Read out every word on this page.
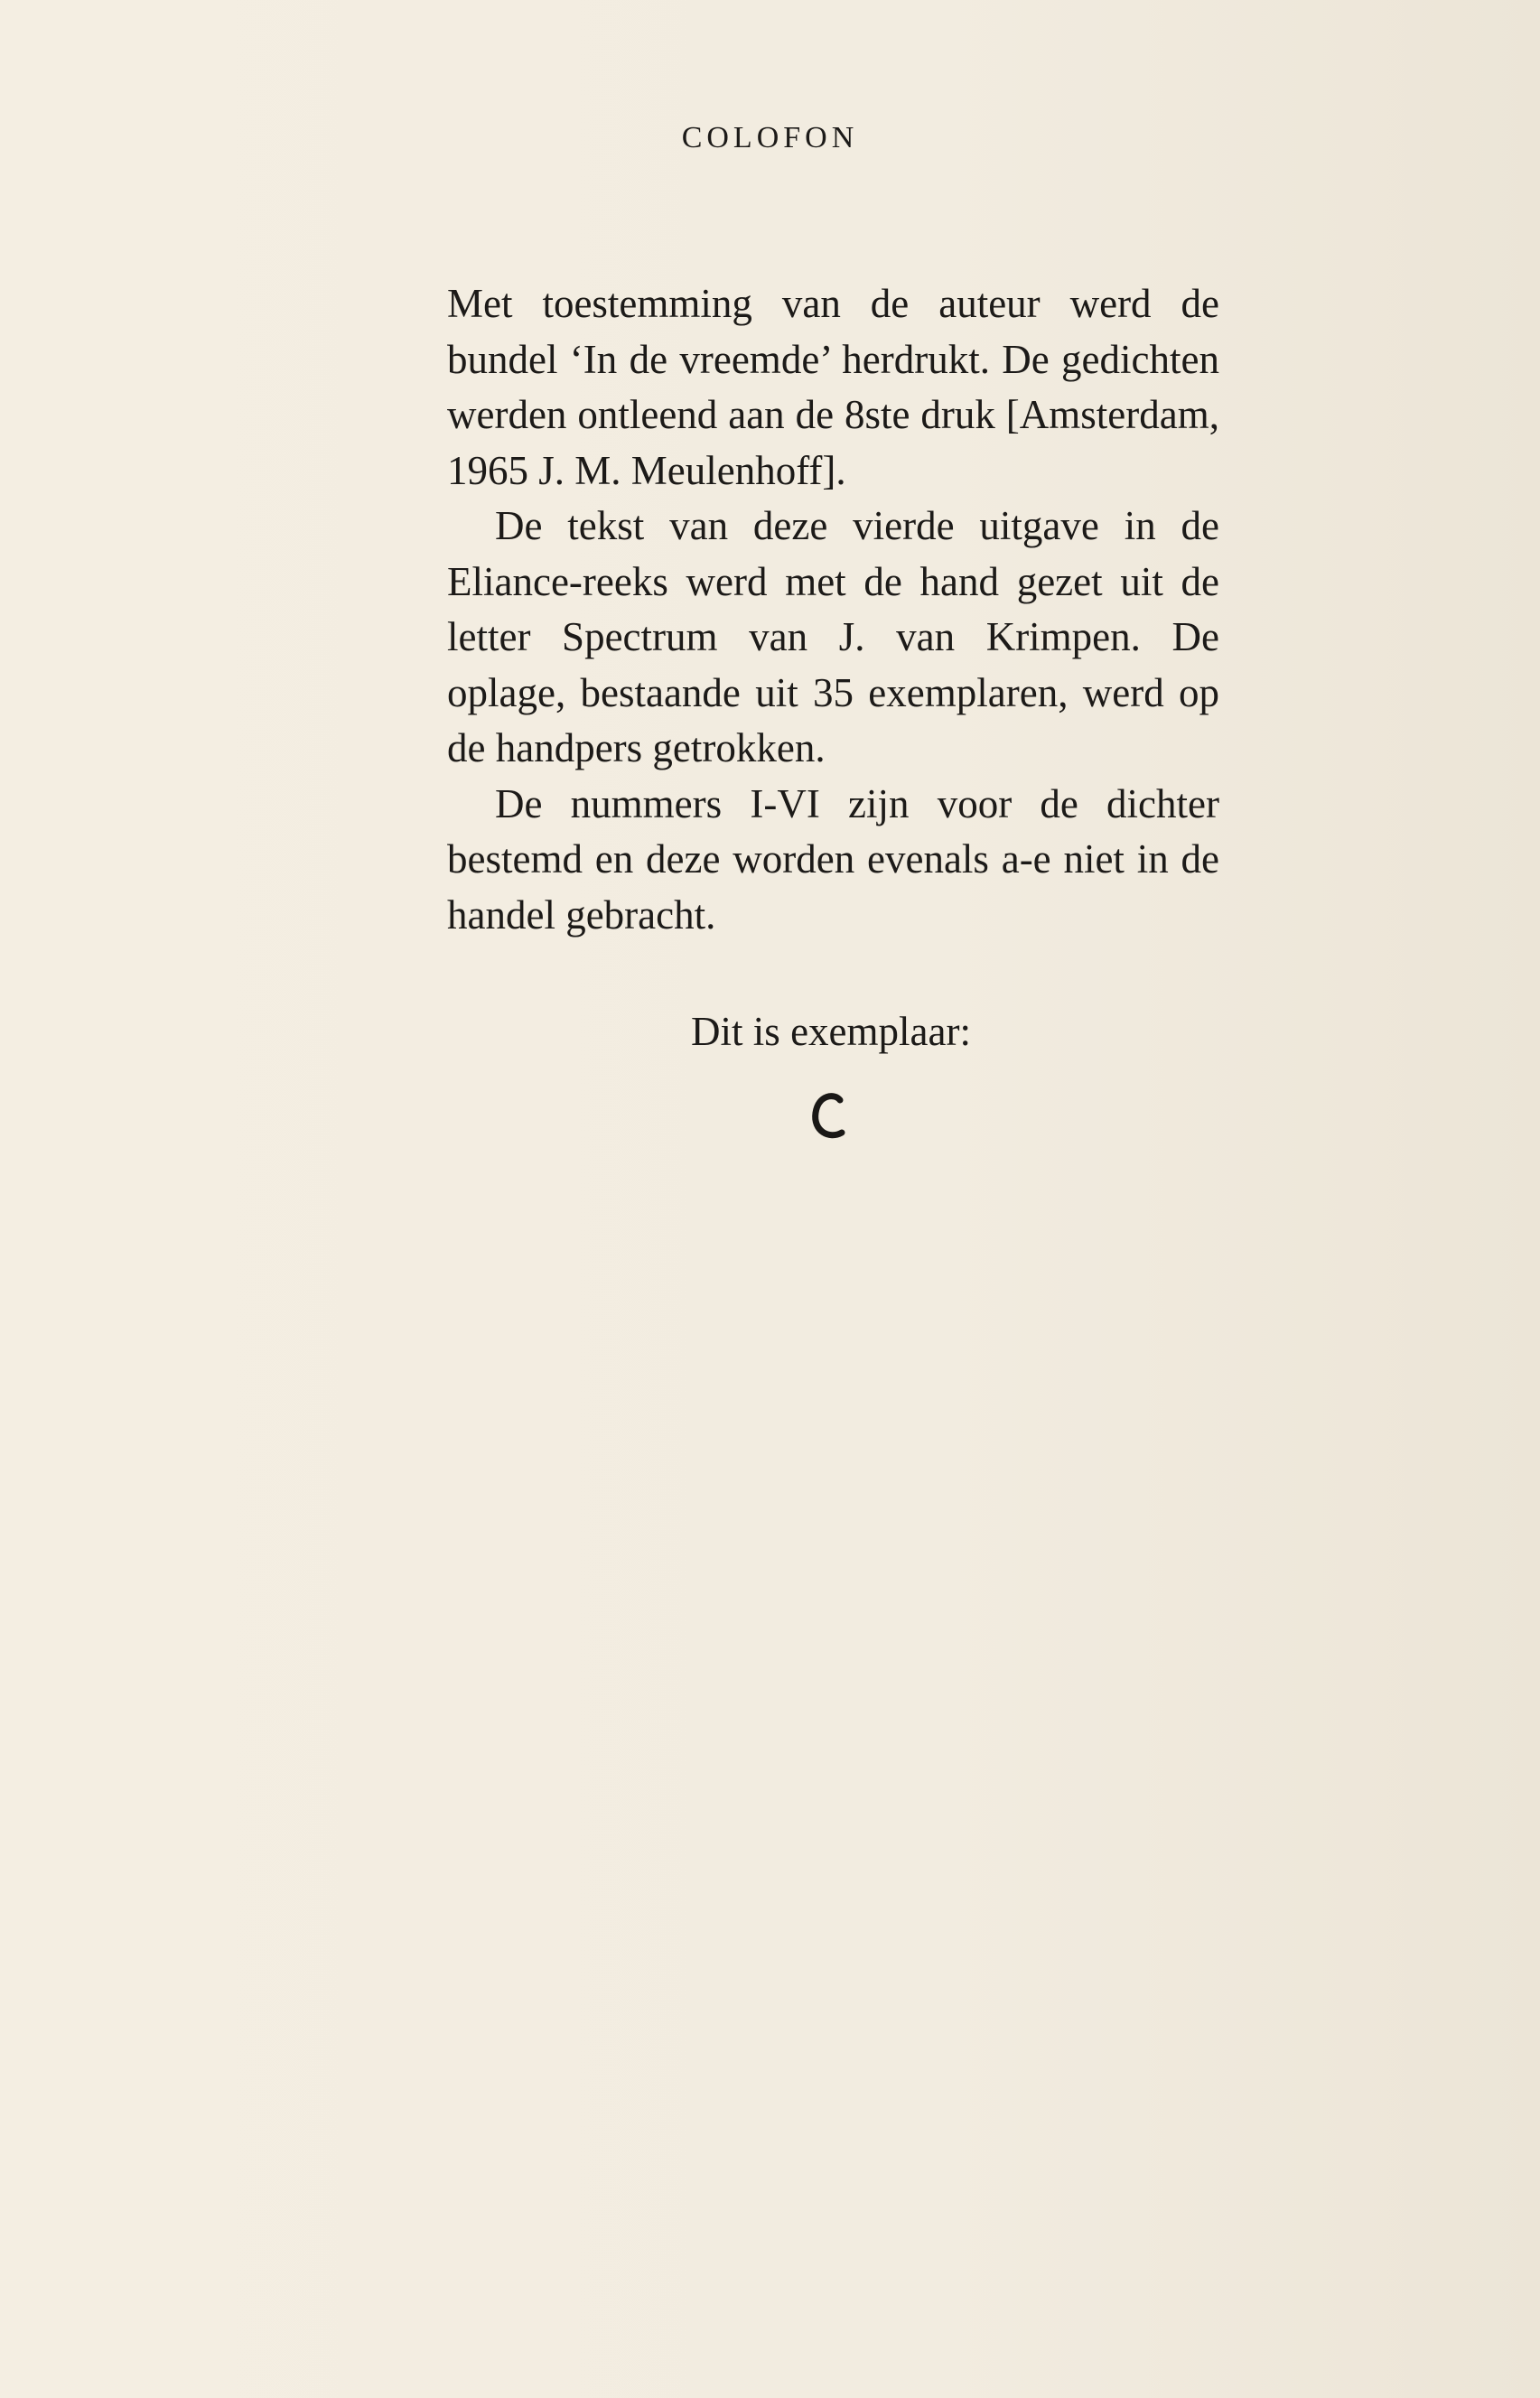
COLOFON

Met toestemming van de auteur werd de bundel ‘In de vreemde’ herdrukt. De gedichten werden ontleend aan de 8ste druk [Amsterdam, 1965 J. M. Meulenhoff].

De tekst van deze vierde uitgave in de Eliance-reeks werd met de hand gezet uit de letter Spectrum van J. van Krimpen. De oplage, bestaande uit 35 exemplaren, werd op de handpers getrokken.

De nummers I-VI zijn voor de dichter bestemd en deze worden evenals a-e niet in de handel gebracht.

Dit is exemplaar:
